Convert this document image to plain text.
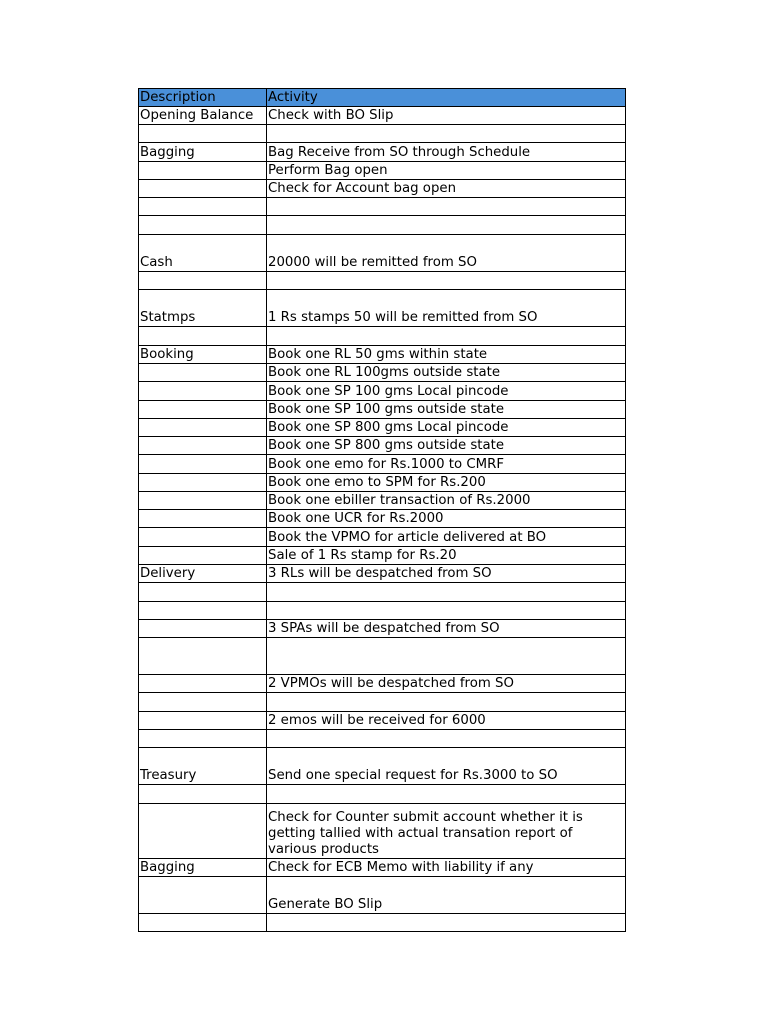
Description	Activity
Opening Balance	Check with BO Slip

Bagging	Bag Receive from SO through Schedule
	Perform Bag open
	Check for Account bag open

Cash	20000 will be remitted from SO

Statmps	1 Rs stamps 50 will be remitted from SO

Booking	Book one RL 50 gms within state
	Book one RL 100gms outside state
	Book one SP 100 gms Local pincode
	Book one SP 100 gms outside state
	Book one SP 800 gms Local pincode
	Book one SP 800 gms outside state
	Book one emo for Rs.1000 to CMRF
	Book one emo to SPM for Rs.200
	Book one ebiller transaction of Rs.2000
	Book one UCR for Rs.2000
	Book the VPMO for article delivered at BO
	Sale of 1 Rs stamp for Rs.20
Delivery	3 RLs will be despatched from SO

	3 SPAs will be despatched from SO

	2 VPMOs will be despatched from SO

	2 emos will be received for 6000

Treasury	Send one special request for Rs.3000 to SO

	Check for Counter submit account whether it is getting tallied with actual transation report of various products
Bagging	Check for ECB Memo with liability if any
	Generate BO Slip
